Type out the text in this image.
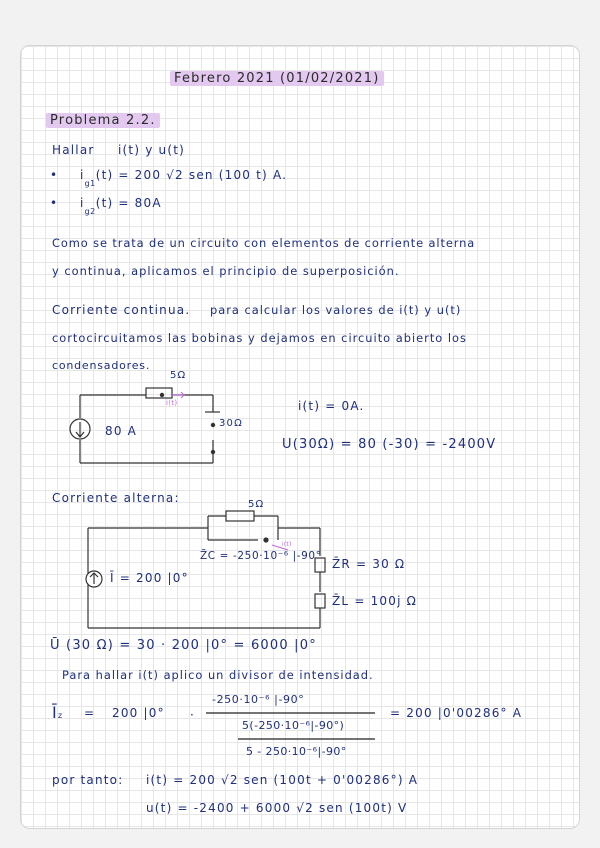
Febrero 2021 (01/02/2021)
Problema 2.2.
Hallar i(t) y u(t)
• $i_{g1}(t) = 200$ √2 sen (100 t) A.
• $i_{g2}(t) = 80A$
Como se trata de un circuito con elementos de corriente alterna
y continua, aplicamos el principio de superposición.
Corriente continua. para calcular los valores de i(t) y u(t)
cortocircuitamos las bobinas y dejamos en circuito abierto los
condensadores.
5Ω
i(t)
30Ω
80 A
i(t) = 0A.
U(30Ω) = 80 (-30) = -2400V
Corriente alterna:	5Ω
Z̄C = -250·10⁻⁶ |-90°
i(t)
Z̄R = 30 Ω
Z̄L = 100j Ω
Ī = 200 |0°
Ū (30 Ω) = 30 · 200 |0° = 6000 |0°
Para hallar i(t) aplico un divisor de intensidad.
Īz = 200 |0° ·
-250·10⁻⁶ |-90°
5(-250·10⁻⁶|-90°)
5 - 250·10⁻⁶|-90°
= 200 |0'00286° A
por tanto: i(t) = 200 √2 sen (100t + 0'00286°) A
u(t) = -2400 + 6000 √2 sen (100t) V
